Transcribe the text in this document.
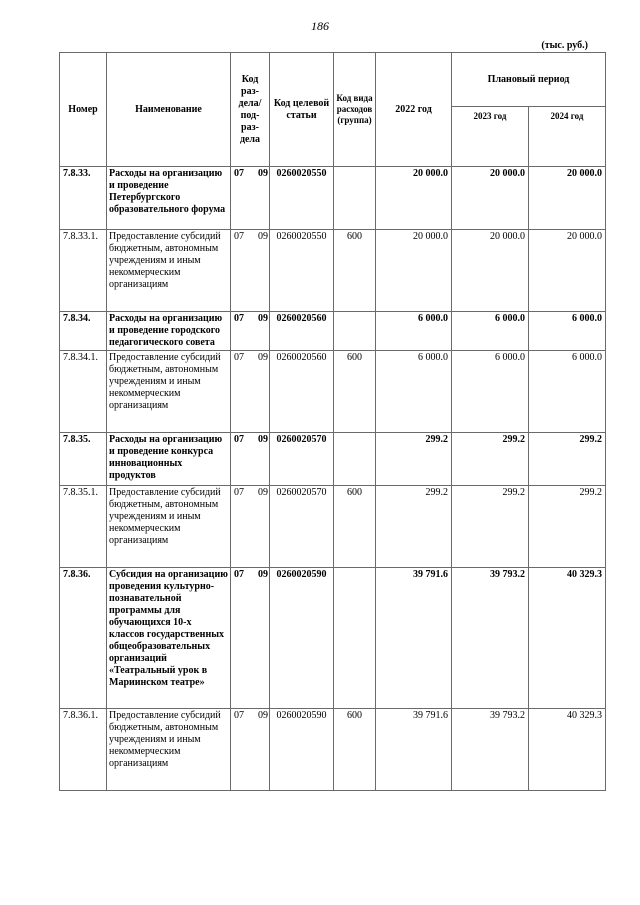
186
(тыс. руб.)
Номер	Наименование	Код раз-дела/ под-раз-дела	Код целевой статьи	Код вида расходов (группа)	2022 год	Плановый период	
						2023 год	2024 год
7.8.33.	Расходы на организацию и проведение Петербургского образовательного форума	07 09	0260020550		20 000.0	20 000.0	20 000.0
7.8.33.1.	Предоставление субсидий бюджетным, автономным учреждениям и иным некоммерческим организациям	07 09	0260020550	600	20 000.0	20 000.0	20 000.0
7.8.34.	Расходы на организацию и проведение городского педагогического совета	07 09	0260020560		6 000.0	6 000.0	6 000.0
7.8.34.1.	Предоставление субсидий бюджетным, автономным учреждениям и иным некоммерческим организациям	07 09	0260020560	600	6 000.0	6 000.0	6 000.0
7.8.35.	Расходы на организацию и проведение конкурса инновационных продуктов	07 09	0260020570		299.2	299.2	299.2
7.8.35.1.	Предоставление субсидий бюджетным, автономным учреждениям и иным некоммерческим организациям	07 09	0260020570	600	299.2	299.2	299.2
7.8.36.	Субсидия на организацию проведения культурно-познавательной программы для обучающихся 10-х классов государственных общеобразовательных организаций «Театральный урок в Мариинском театре»	07 09	0260020590		39 791.6	39 793.2	40 329.3
7.8.36.1.	Предоставление субсидий бюджетным, автономным учреждениям и иным некоммерческим организациям	07 09	0260020590	600	39 791.6	39 793.2	40 329.3
